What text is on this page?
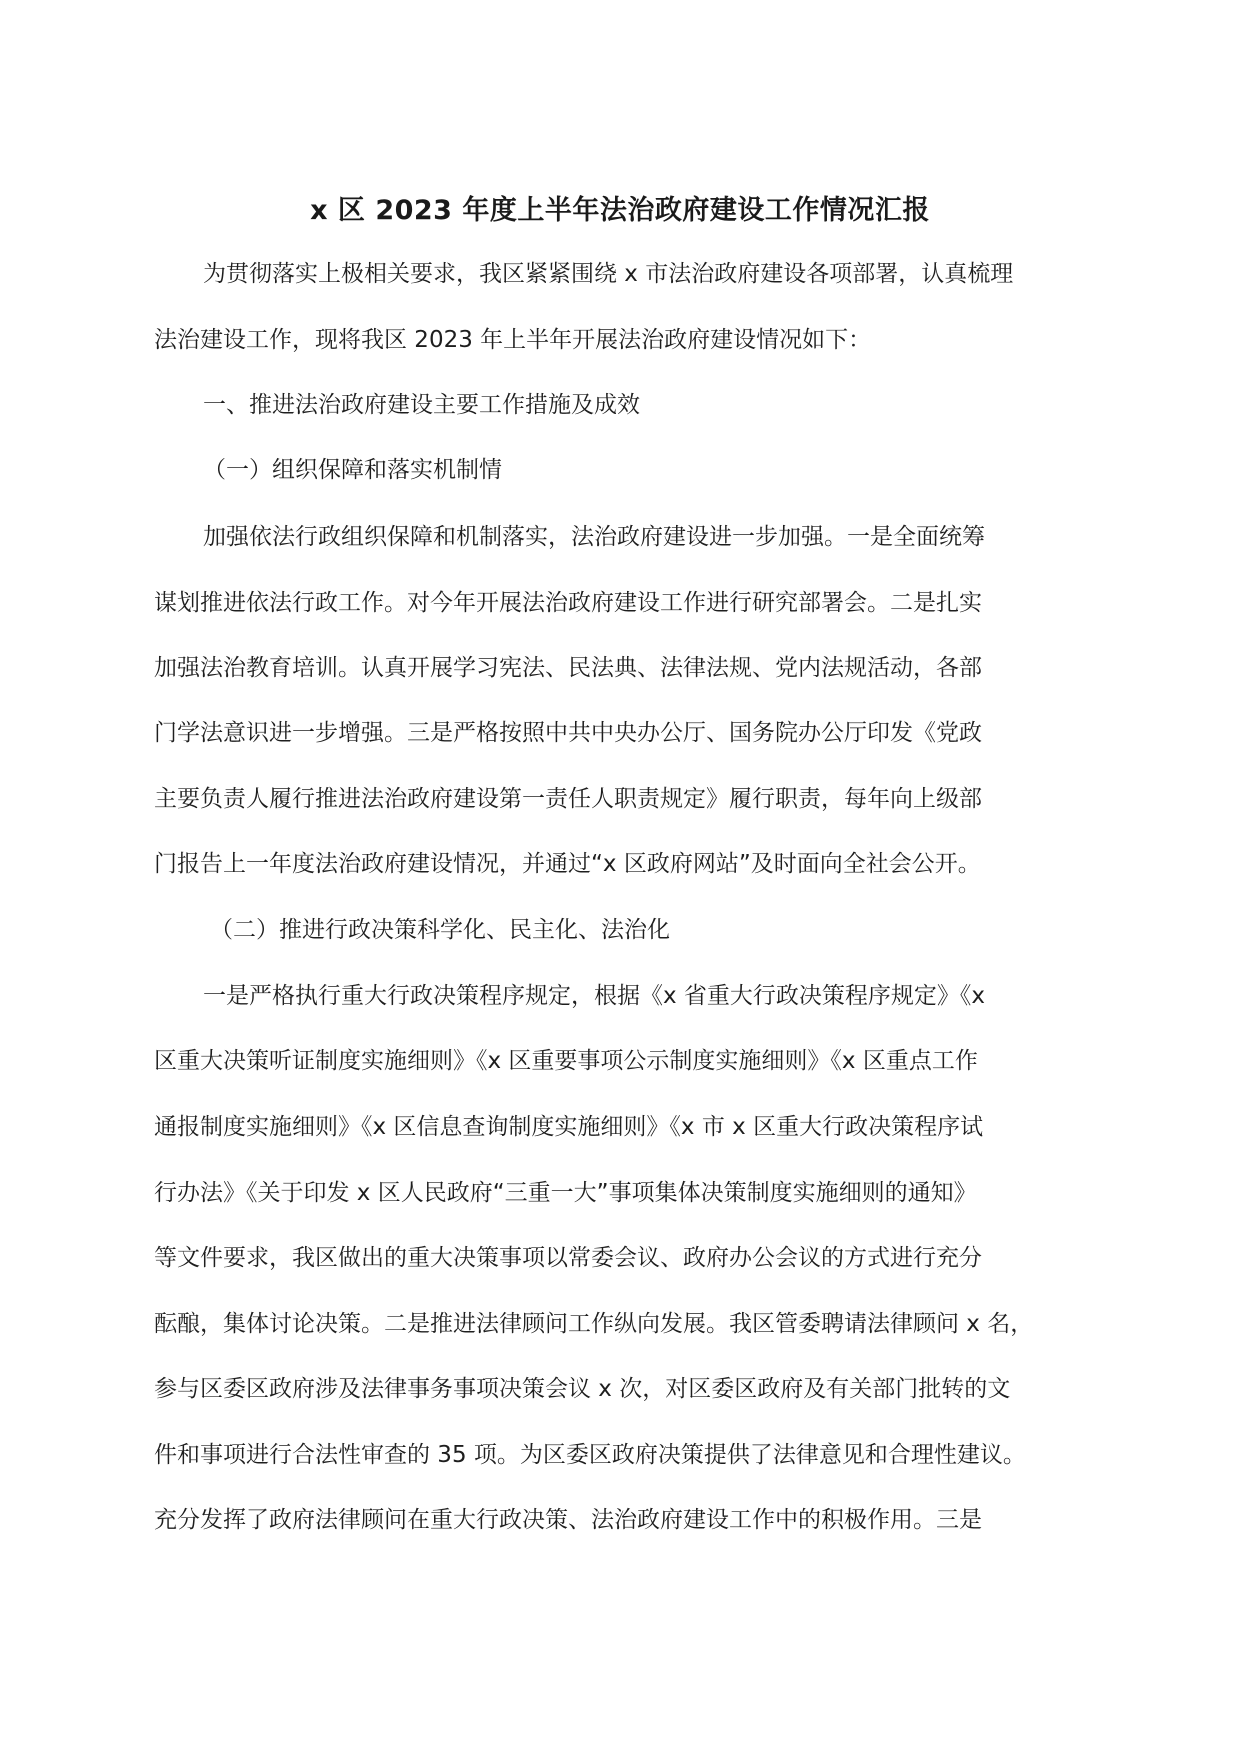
x 区 2023 年度上半年法治政府建设工作情况汇报
为贯彻落实上极相关要求，我区紧紧围绕 x 市法治政府建设各项部署，认真梳理
法治建设工作，现将我区 2023 年上半年开展法治政府建设情况如下：
一、推进法治政府建设主要工作措施及成效
（一）组织保障和落实机制情
加强依法行政组织保障和机制落实，法治政府建设进一步加强。一是全面统筹
谋划推进依法行政工作。对今年开展法治政府建设工作进行研究部署会。二是扎实
加强法治教育培训。认真开展学习宪法、民法典、法律法规、党内法规活动，各部
门学法意识进一步增强。三是严格按照中共中央办公厅、国务院办公厅印发《党政
主要负责人履行推进法治政府建设第一责任人职责规定》履行职责，每年向上级部
门报告上一年度法治政府建设情况，并通过“x 区政府网站”及时面向全社会公开。
（二）推进行政决策科学化、民主化、法治化
一是严格执行重大行政决策程序规定，根据《x 省重大行政决策程序规定》《x
区重大决策听证制度实施细则》《x 区重要事项公示制度实施细则》《x 区重点工作
通报制度实施细则》《x 区信息查询制度实施细则》《x 市 x 区重大行政决策程序试
行办法》《关于印发 x 区人民政府“三重一大”事项集体决策制度实施细则的通知》
等文件要求，我区做出的重大决策事项以常委会议、政府办公会议的方式进行充分
酝酿，集体讨论决策。二是推进法律顾问工作纵向发展。我区管委聘请法律顾问 x 名，
参与区委区政府涉及法律事务事项决策会议 x 次，对区委区政府及有关部门批转的文
件和事项进行合法性审查的 35 项。为区委区政府决策提供了法律意见和合理性建议。
充分发挥了政府法律顾问在重大行政决策、法治政府建设工作中的积极作用。三是
